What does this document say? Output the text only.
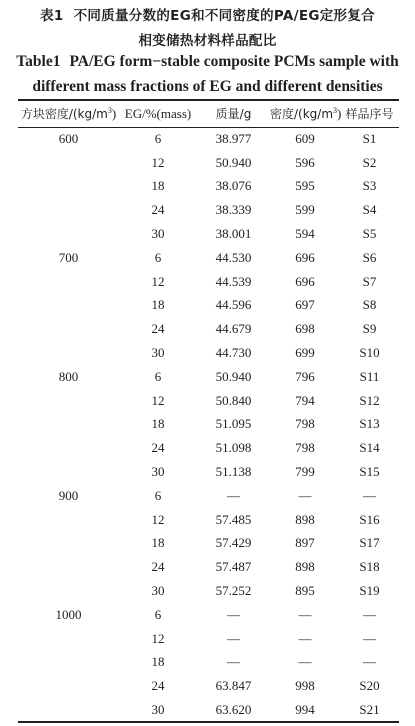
表1 不同质量分数的EG和不同密度的PA/EG定形复合
相变储热材料样品配比
Table1 PA/EG form−stable composite PCMs sample with
different mass fractions of EG and different densities
方块密度$/(kg/m^3)$	EG/%(mass)	质量/g	密度$/(kg/m^3)$	样品序号
600	6	38.977	609	S1
	12	50.940	596	S2
	18	38.076	595	S3
	24	38.339	599	S4
	30	38.001	594	S5
700	6	44.530	696	S6
	12	44.539	696	S7
	18	44.596	697	S8
	24	44.679	698	S9
	30	44.730	699	S10
800	6	50.940	796	S11
	12	50.840	794	S12
	18	51.095	798	S13
	24	51.098	798	S14
	30	51.138	799	S15
900	6	—	—	—
	12	57.485	898	S16
	18	57.429	897	S17
	24	57.487	898	S18
	30	57.252	895	S19
1000	6	—	—	—
	12	—	—	—
	18	—	—	—
	24	63.847	998	S20
	30	63.620	994	S21
